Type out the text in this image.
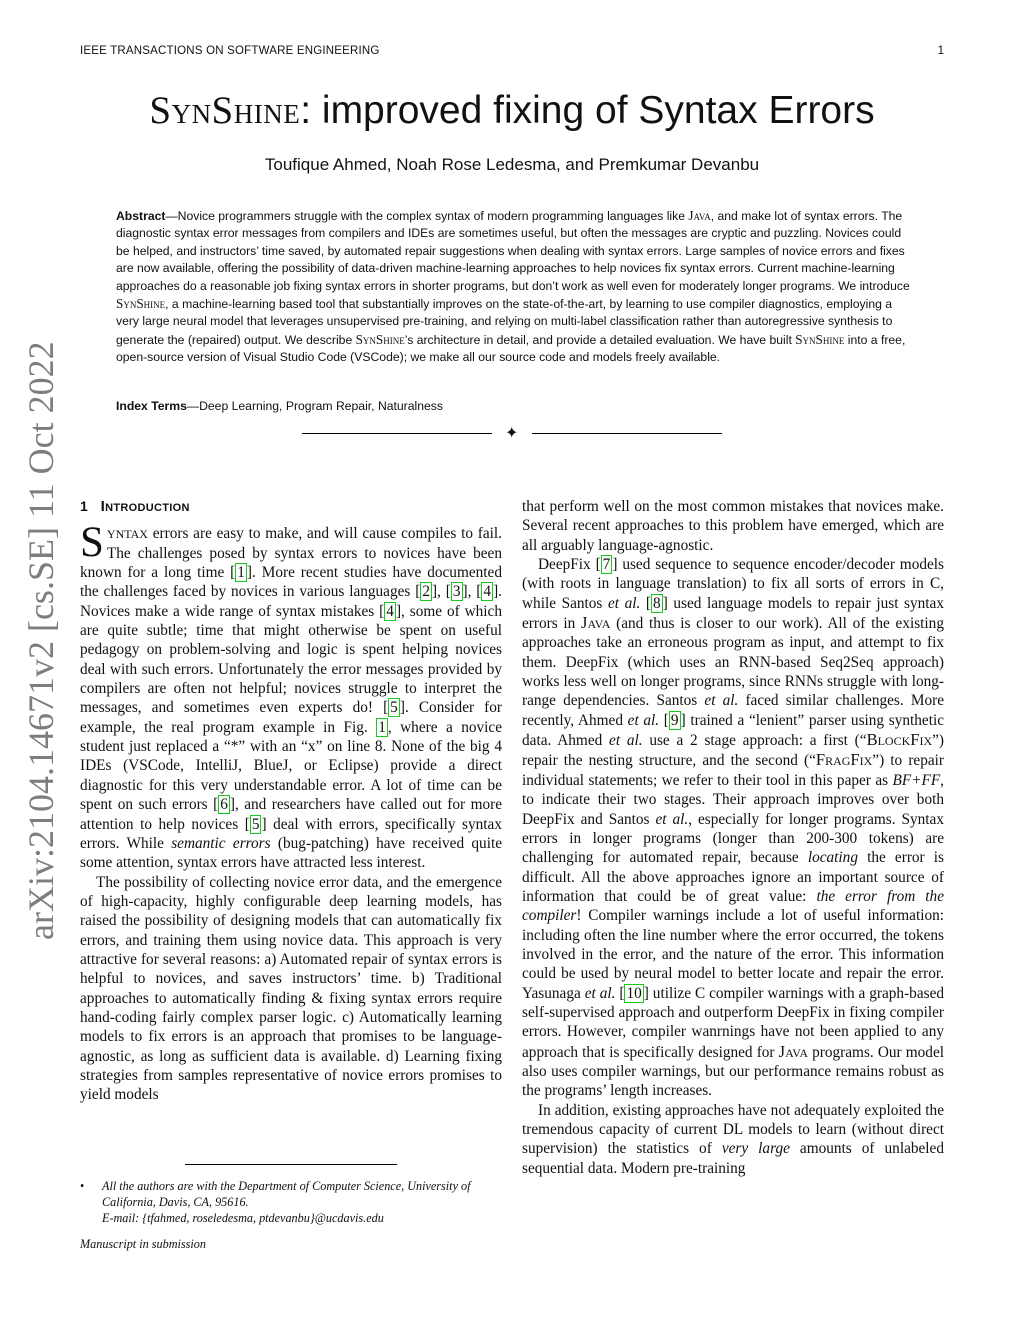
IEEE TRANSACTIONS ON SOFTWARE ENGINEERING	1
arXiv:2104.14671v2 [cs.SE] 11 Oct 2022
SynShine: improved fixing of Syntax Errors
Toufique Ahmed, Noah Rose Ledesma, and Premkumar Devanbu
Abstract—Novice programmers struggle with the complex syntax of modern programming languages like Java, and make lot of syntax errors. The diagnostic syntax error messages from compilers and IDEs are sometimes useful, but often the messages are cryptic and puzzling. Novices could be helped, and instructors’ time saved, by automated repair suggestions when dealing with syntax errors. Large samples of novice errors and fixes are now available, offering the possibility of data-driven machine-learning approaches to help novices fix syntax errors. Current machine-learning approaches do a reasonable job fixing syntax errors in shorter programs, but don’t work as well even for moderately longer programs. We introduce SynShine, a machine-learning based tool that substantially improves on the state-of-the-art, by learning to use compiler diagnostics, employing a very large neural model that leverages unsupervised pre-training, and relying on multi-label classification rather than autoregressive synthesis to generate the (repaired) output. We describe SynShine’s architecture in detail, and provide a detailed evaluation. We have built SynShine into a free, open-source version of Visual Studio Code (VSCode); we make all our source code and models freely available.
Index Terms—Deep Learning, Program Repair, Naturalness
✦
1 Introduction

Syntax errors are easy to make, and will cause compiles to fail. The challenges posed by syntax errors to novices have been known for a long time [ 1 ]. More recent studies have documented the challenges faced by novices in various languages [ 2 ], [ 3 ], [ 4 ]. Novices make a wide range of syntax mistakes [ 4 ], some of which are quite subtle; time that might otherwise be spent on useful pedagogy on problem-solving and logic is spent helping novices deal with such errors. Unfortunately the error messages provided by compilers are often not helpful; novices struggle to interpret the messages, and sometimes even experts do! [ 5 ]. Consider for example, the real program example in Fig. 1 , where a novice student just replaced a “*” with an “x” on line 8. None of the big 4 IDEs (VSCode, IntelliJ, BlueJ, or Eclipse) provide a direct diagnostic for this very understandable error. A lot of time can be spent on such errors [ 6 ], and researchers have called out for more attention to help novices [ 5 ] deal with errors, specifically syntax errors. While semantic errors (bug-patching) have received quite some attention, syntax errors have attracted less interest.

The possibility of collecting novice error data, and the emergence of high-capacity, highly configurable deep learning models, has raised the possibility of designing models that can automatically fix errors, and training them using novice data. This approach is very attractive for several reasons: a) Automated repair of syntax errors is helpful to novices, and saves instructors’ time. b) Traditional approaches to automatically finding & fixing syntax errors require hand-coding fairly complex parser logic. c) Automatically learning models to fix errors is an approach that promises to be language-agnostic, as long as sufficient data is available. d) Learning fixing strategies from samples representative of novice errors promises to yield models

that perform well on the most common mistakes that novices make. Several recent approaches to this problem have emerged, which are all arguably language-agnostic.

DeepFix [ 7 ] used sequence to sequence encoder/decoder models (with roots in language translation) to fix all sorts of errors in C, while Santos et al. [ 8 ] used language models to repair just syntax errors in Java (and thus is closer to our work). All of the existing approaches take an erroneous program as input, and attempt to fix them. DeepFix (which uses an RNN-based Seq2Seq approach) works less well on longer programs, since RNNs struggle with long-range dependencies. Santos et al. faced similar challenges. More recently, Ahmed et al. [ 9 ] trained a “lenient” parser using synthetic data. Ahmed et al. use a 2 stage approach: a first (“BlockFix”) repair the nesting structure, and the second (“FragFix”) to repair individual statements; we refer to their tool in this paper as BF+FF, to indicate their two stages. Their approach improves over both DeepFix and Santos et al., especially for longer programs. Syntax errors in longer programs (longer than 200-300 tokens) are challenging for automated repair, because locating the error is difficult. All the above approaches ignore an important source of information that could be of great value: the error from the compiler! Compiler warnings include a lot of useful information: including often the line number where the error occurred, the tokens involved in the error, and the nature of the error. This information could be used by neural model to better locate and repair the error. Yasunaga et al. [ 10 ] utilize C compiler warnings with a graph-based self-supervised approach and outperform DeepFix in fixing compiler errors. However, compiler wanrnings have not been applied to any approach that is specifically designed for Java programs. Our model also uses compiler warnings, but our performance remains robust as the programs’ length increases.

In addition, existing approaches have not adequately exploited the tremendous capacity of current DL models to learn (without direct supervision) the statistics of very large amounts of unlabeled sequential data. Modern pre-training

• All the authors are with the Department of Computer Science, University of California, Davis, CA, 95616.
E-mail: {tfahmed, roseledesma, ptdevanbu}@ucdavis.edu
Manuscript in submission
